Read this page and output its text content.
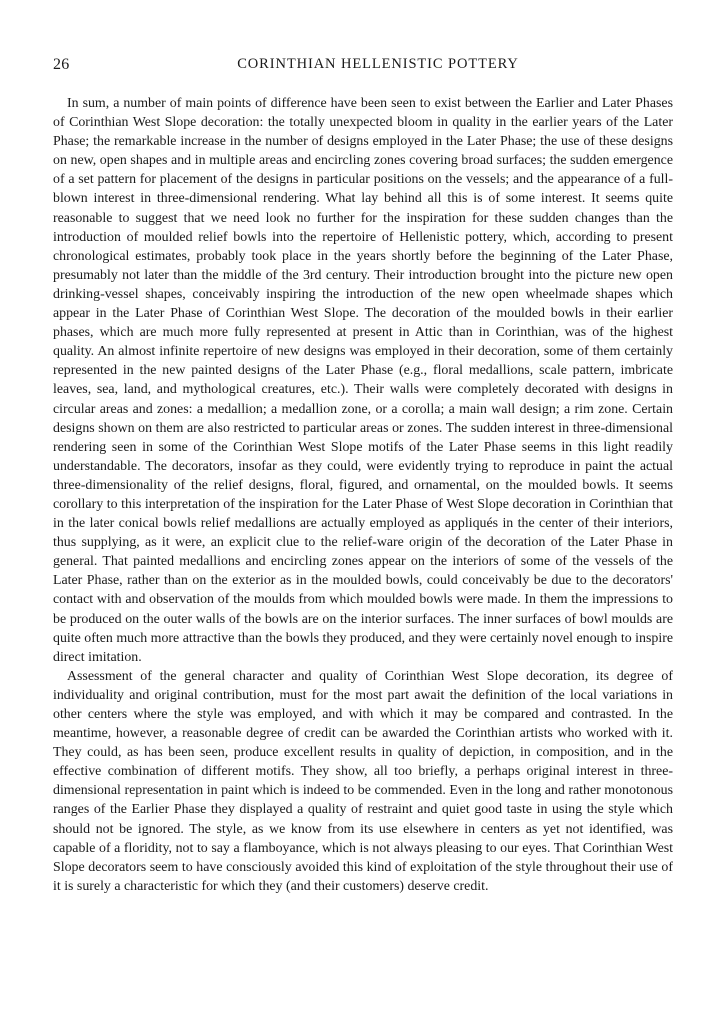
26	CORINTHIAN HELLENISTIC POTTERY

In sum, a number of main points of difference have been seen to exist between the Earlier and Later Phases of Corinthian West Slope decoration: the totally unexpected bloom in quality in the earlier years of the Later Phase; the remarkable increase in the number of designs employed in the Later Phase; the use of these designs on new, open shapes and in multiple areas and encircling zones covering broad surfaces; the sudden emergence of a set pattern for placement of the designs in particular positions on the vessels; and the appearance of a full-blown interest in three-dimensional rendering. What lay behind all this is of some interest. It seems quite reasonable to suggest that we need look no further for the inspiration for these sudden changes than the introduction of moulded relief bowls into the repertoire of Hellenistic pottery, which, according to present chronological estimates, probably took place in the years shortly before the beginning of the Later Phase, presumably not later than the middle of the 3rd century. Their introduction brought into the picture new open drinking-vessel shapes, conceivably inspiring the introduction of the new open wheelmade shapes which appear in the Later Phase of Corinthian West Slope. The decoration of the moulded bowls in their earlier phases, which are much more fully represented at present in Attic than in Corinthian, was of the highest quality. An almost infinite repertoire of new designs was employed in their decoration, some of them certainly represented in the new painted designs of the Later Phase (e.g., floral medallions, scale pattern, imbricate leaves, sea, land, and mythological creatures, etc.). Their walls were completely decorated with designs in circular areas and zones: a medallion; a medallion zone, or a corolla; a main wall design; a rim zone. Certain designs shown on them are also restricted to particular areas or zones. The sudden interest in three-dimensional rendering seen in some of the Corinthian West Slope motifs of the Later Phase seems in this light readily understandable. The decorators, insofar as they could, were evidently trying to reproduce in paint the actual three-dimensionality of the relief designs, floral, figured, and ornamental, on the moulded bowls. It seems corollary to this interpretation of the inspiration for the Later Phase of West Slope decoration in Corinthian that in the later conical bowls relief medallions are actually employed as appliqués in the center of their interiors, thus supplying, as it were, an explicit clue to the relief-ware origin of the decoration of the Later Phase in general. That painted medallions and encircling zones appear on the interiors of some of the vessels of the Later Phase, rather than on the exterior as in the moulded bowls, could conceivably be due to the decorators' contact with and observation of the moulds from which moulded bowls were made. In them the impressions to be produced on the outer walls of the bowls are on the interior surfaces. The inner surfaces of bowl moulds are quite often much more attractive than the bowls they produced, and they were certainly novel enough to inspire direct imitation.

Assessment of the general character and quality of Corinthian West Slope decoration, its degree of individuality and original contribution, must for the most part await the definition of the local variations in other centers where the style was employed, and with which it may be compared and contrasted. In the meantime, however, a reasonable degree of credit can be awarded the Corinthian artists who worked with it. They could, as has been seen, produce excellent results in quality of depiction, in composition, and in the effective combination of different motifs. They show, all too briefly, a perhaps original interest in three-dimensional representation in paint which is indeed to be commended. Even in the long and rather monotonous ranges of the Earlier Phase they displayed a quality of restraint and quiet good taste in using the style which should not be ignored. The style, as we know from its use elsewhere in centers as yet not identified, was capable of a floridity, not to say a flamboyance, which is not always pleasing to our eyes. That Corinthian West Slope decorators seem to have consciously avoided this kind of exploitation of the style throughout their use of it is surely a characteristic for which they (and their customers) deserve credit.
